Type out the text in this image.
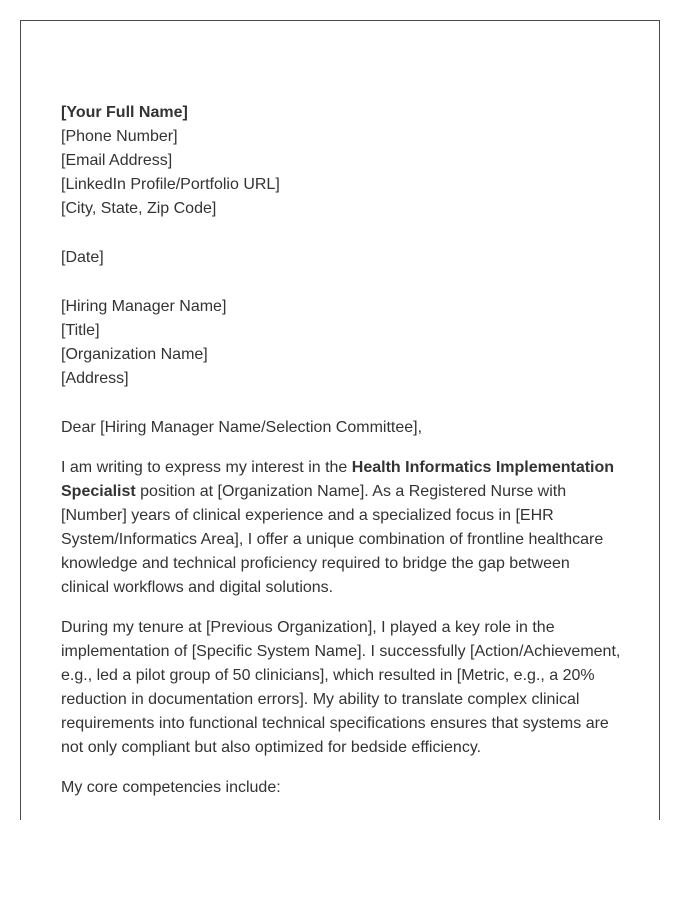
[Your Full Name]
[Phone Number]
[Email Address]
[LinkedIn Profile/Portfolio URL]
[City, State, Zip Code]
[Date]
[Hiring Manager Name]
[Title]
[Organization Name]
[Address]
Dear [Hiring Manager Name/Selection Committee],
I am writing to express my interest in the Health Informatics Implementation
Specialist position at [Organization Name]. As a Registered Nurse with
[Number] years of clinical experience and a specialized focus in [EHR
System/Informatics Area], I offer a unique combination of frontline healthcare
knowledge and technical proficiency required to bridge the gap between
clinical workflows and digital solutions.
During my tenure at [Previous Organization], I played a key role in the
implementation of [Specific System Name]. I successfully [Action/Achievement,
e.g., led a pilot group of 50 clinicians], which resulted in [Metric, e.g., a 20%
reduction in documentation errors]. My ability to translate complex clinical
requirements into functional technical specifications ensures that systems are
not only compliant but also optimized for bedside efficiency.
My core competencies include:
